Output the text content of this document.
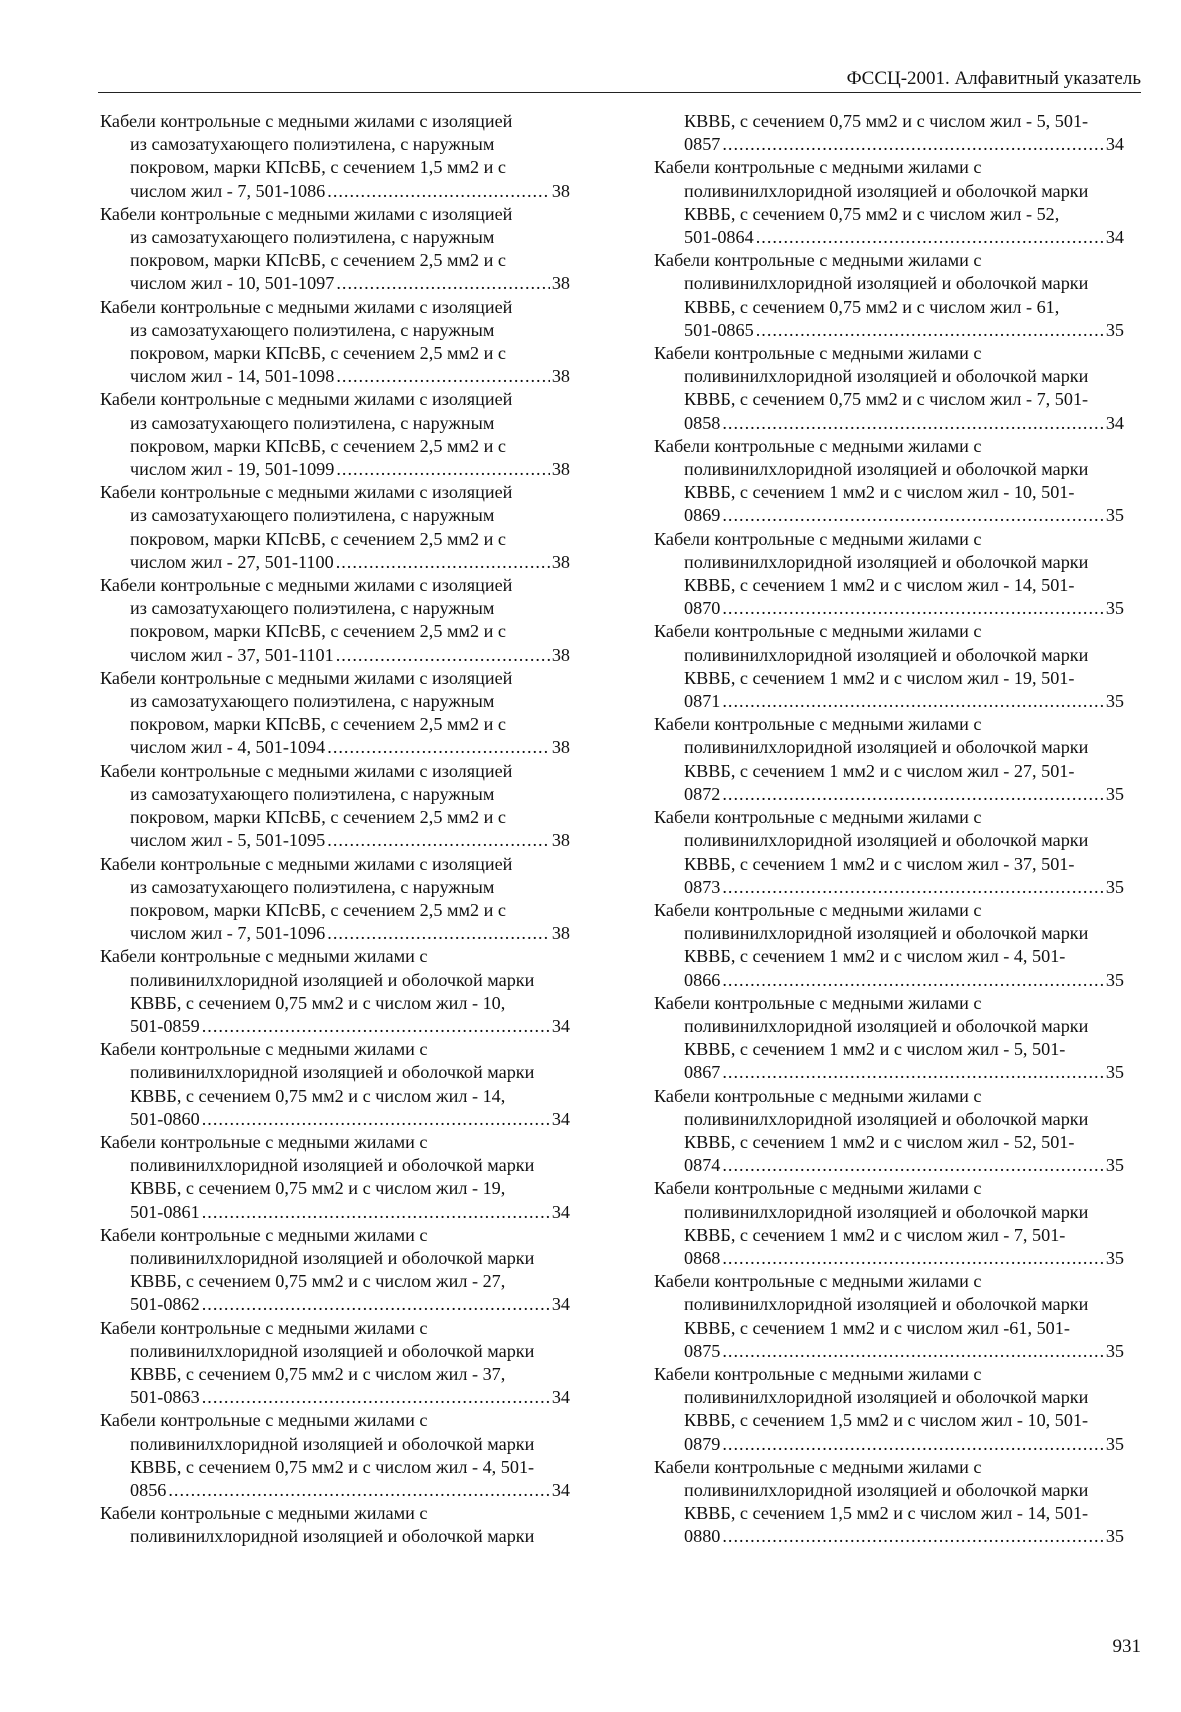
ФССЦ-2001. Алфавитный указатель
Кабели контрольные с медными жилами с изоляцией
из самозатухающего полиэтилена, с наружным
покровом, марки КПсВБ, с сечением 1,5 мм2 и с
числом жил - 7, 501-1086 .....	38
Кабели контрольные с медными жилами с изоляцией
из самозатухающего полиэтилена, с наружным
покровом, марки КПсВБ, с сечением 2,5 мм2 и с
числом жил - 10, 501-1097 .....	38
Кабели контрольные с медными жилами с изоляцией
из самозатухающего полиэтилена, с наружным
покровом, марки КПсВБ, с сечением 2,5 мм2 и с
числом жил - 14, 501-1098 .....	38
Кабели контрольные с медными жилами с изоляцией
из самозатухающего полиэтилена, с наружным
покровом, марки КПсВБ, с сечением 2,5 мм2 и с
числом жил - 19, 501-1099 .....	38
Кабели контрольные с медными жилами с изоляцией
из самозатухающего полиэтилена, с наружным
покровом, марки КПсВБ, с сечением 2,5 мм2 и с
числом жил - 27, 501-1100 .....	38
Кабели контрольные с медными жилами с изоляцией
из самозатухающего полиэтилена, с наружным
покровом, марки КПсВБ, с сечением 2,5 мм2 и с
числом жил - 37, 501-1101 .....	38
Кабели контрольные с медными жилами с изоляцией
из самозатухающего полиэтилена, с наружным
покровом, марки КПсВБ, с сечением 2,5 мм2 и с
числом жил - 4, 501-1094 .....	38
Кабели контрольные с медными жилами с изоляцией
из самозатухающего полиэтилена, с наружным
покровом, марки КПсВБ, с сечением 2,5 мм2 и с
числом жил - 5, 501-1095 .....	38
Кабели контрольные с медными жилами с изоляцией
из самозатухающего полиэтилена, с наружным
покровом, марки КПсВБ, с сечением 2,5 мм2 и с
числом жил - 7, 501-1096 .....	38
Кабели контрольные с медными жилами с
поливинилхлоридной изоляцией и оболочкой марки
КВВБ, с сечением 0,75 мм2 и с числом жил - 10,
501-0859 .....	34
Кабели контрольные с медными жилами с
поливинилхлоридной изоляцией и оболочкой марки
КВВБ, с сечением 0,75 мм2 и с числом жил - 14,
501-0860 .....	34
Кабели контрольные с медными жилами с
поливинилхлоридной изоляцией и оболочкой марки
КВВБ, с сечением 0,75 мм2 и с числом жил - 19,
501-0861 .....	34
Кабели контрольные с медными жилами с
поливинилхлоридной изоляцией и оболочкой марки
КВВБ, с сечением 0,75 мм2 и с числом жил - 27,
501-0862 .....	34
Кабели контрольные с медными жилами с
поливинилхлоридной изоляцией и оболочкой марки
КВВБ, с сечением 0,75 мм2 и с числом жил - 37,
501-0863 .....	34
Кабели контрольные с медными жилами с
поливинилхлоридной изоляцией и оболочкой марки
КВВБ, с сечением 0,75 мм2 и с числом жил - 4, 501-
0856 .....	34
Кабели контрольные с медными жилами с
поливинилхлоридной изоляцией и оболочкой марки
КВВБ, с сечением 0,75 мм2 и с числом жил - 5, 501-
0857 .....	34
Кабели контрольные с медными жилами с
поливинилхлоридной изоляцией и оболочкой марки
КВВБ, с сечением 0,75 мм2 и с числом жил - 52,
501-0864 .....	34
Кабели контрольные с медными жилами с
поливинилхлоридной изоляцией и оболочкой марки
КВВБ, с сечением 0,75 мм2 и с числом жил - 61,
501-0865 .....	35
Кабели контрольные с медными жилами с
поливинилхлоридной изоляцией и оболочкой марки
КВВБ, с сечением 0,75 мм2 и с числом жил - 7, 501-
0858 .....	34
Кабели контрольные с медными жилами с
поливинилхлоридной изоляцией и оболочкой марки
КВВБ, с сечением 1 мм2 и с числом жил - 10, 501-
0869 .....	35
Кабели контрольные с медными жилами с
поливинилхлоридной изоляцией и оболочкой марки
КВВБ, с сечением 1 мм2 и с числом жил - 14, 501-
0870 .....	35
Кабели контрольные с медными жилами с
поливинилхлоридной изоляцией и оболочкой марки
КВВБ, с сечением 1 мм2 и с числом жил - 19, 501-
0871 .....	35
Кабели контрольные с медными жилами с
поливинилхлоридной изоляцией и оболочкой марки
КВВБ, с сечением 1 мм2 и с числом жил - 27, 501-
0872 .....	35
Кабели контрольные с медными жилами с
поливинилхлоридной изоляцией и оболочкой марки
КВВБ, с сечением 1 мм2 и с числом жил - 37, 501-
0873 .....	35
Кабели контрольные с медными жилами с
поливинилхлоридной изоляцией и оболочкой марки
КВВБ, с сечением 1 мм2 и с числом жил - 4, 501-
0866 .....	35
Кабели контрольные с медными жилами с
поливинилхлоридной изоляцией и оболочкой марки
КВВБ, с сечением 1 мм2 и с числом жил - 5, 501-
0867 .....	35
Кабели контрольные с медными жилами с
поливинилхлоридной изоляцией и оболочкой марки
КВВБ, с сечением 1 мм2 и с числом жил - 52, 501-
0874 .....	35
Кабели контрольные с медными жилами с
поливинилхлоридной изоляцией и оболочкой марки
КВВБ, с сечением 1 мм2 и с числом жил - 7, 501-
0868 .....	35
Кабели контрольные с медными жилами с
поливинилхлоридной изоляцией и оболочкой марки
КВВБ, с сечением 1 мм2 и с числом жил -61, 501-
0875 .....	35
Кабели контрольные с медными жилами с
поливинилхлоридной изоляцией и оболочкой марки
КВВБ, с сечением 1,5 мм2 и с числом жил - 10, 501-
0879 .....	35
Кабели контрольные с медными жилами с
поливинилхлоридной изоляцией и оболочкой марки
КВВБ, с сечением 1,5 мм2 и с числом жил - 14, 501-
0880 .....	35
931
